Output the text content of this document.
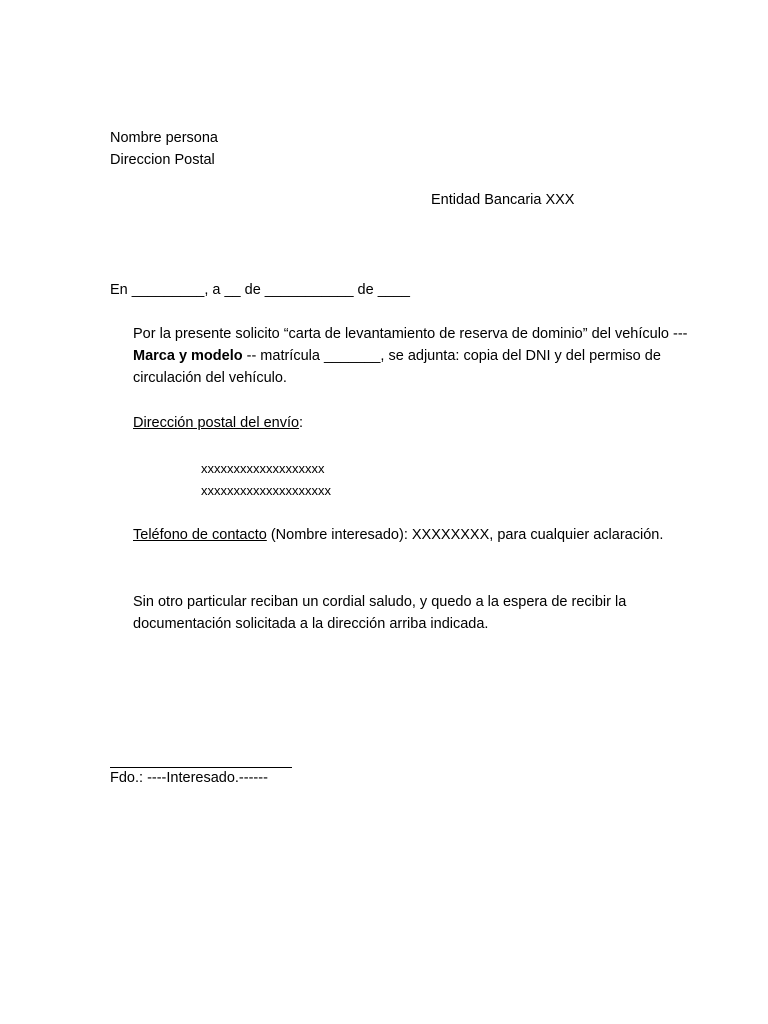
Nombre persona
Direccion Postal
Entidad Bancaria XXX
En _________, a __ de ___________ de ____
Por la presente solicito “carta de levantamiento de reserva de dominio” del vehículo ---Marca y modelo -- matrícula _______, se adjunta: copia del DNI y del permiso de circulación del vehículo.
Dirección postal del envío:
xxxxxxxxxxxxxxxxxxx
xxxxxxxxxxxxxxxxxxxx
Teléfono de contacto (Nombre interesado): XXXXXXXX, para cualquier aclaración.
Sin otro particular reciban un cordial saludo, y quedo a la espera de recibir la documentación solicitada a la dirección arriba indicada.
Fdo.: ----Interesado.------
